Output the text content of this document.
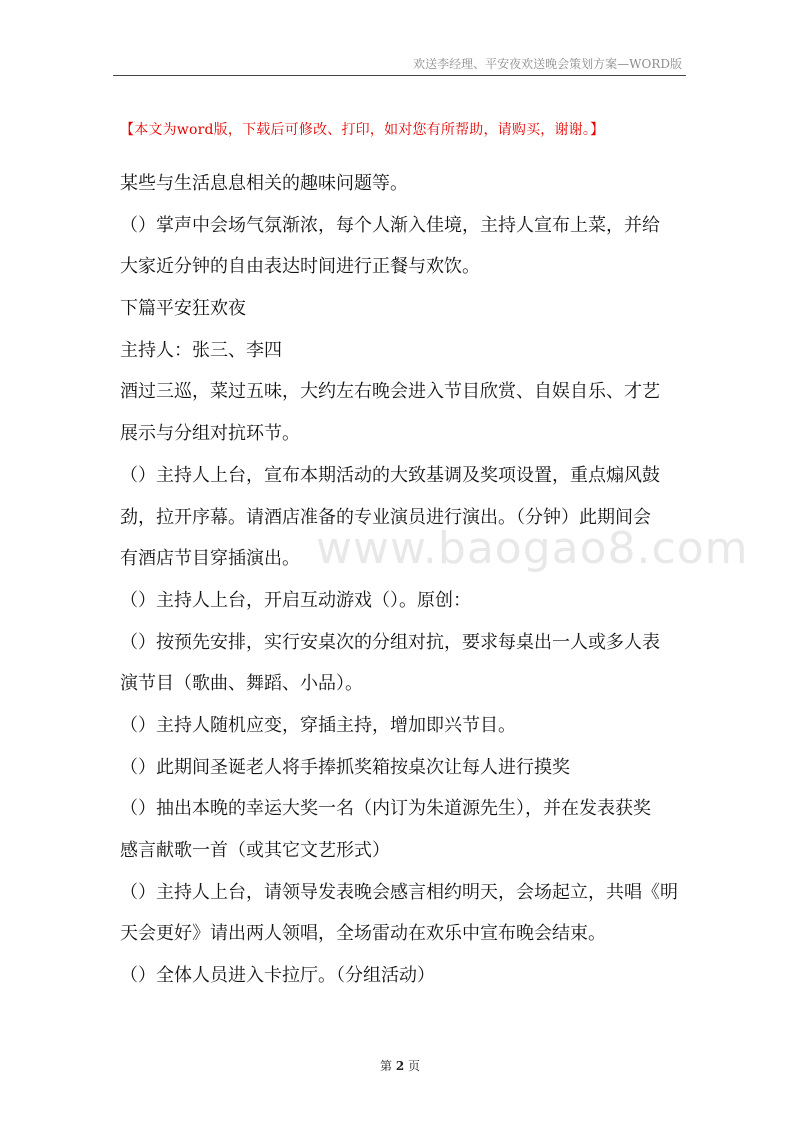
欢送李经理、平安夜欢送晚会策划方案—WORD版
【本文为word版，下载后可修改、打印，如对您有所帮助，请购买，谢谢。】
某些与生活息息相关的趣味问题等。
（）掌声中会场气氛渐浓，每个人渐入佳境，主持人宣布上菜，并给
大家近分钟的自由表达时间进行正餐与欢饮。
下篇平安狂欢夜
主持人：张三、李四
酒过三巡，菜过五味，大约左右晚会进入节目欣赏、自娱自乐、才艺
展示与分组对抗环节。
（）主持人上台，宣布本期活动的大致基调及奖项设置，重点煽风鼓
劲，拉开序幕。请酒店准备的专业演员进行演出。（分钟）此期间会
有酒店节目穿插演出。
（）主持人上台，开启互动游戏（）。原创：
（）按预先安排，实行安桌次的分组对抗，要求每桌出一人或多人表
演节目（歌曲、舞蹈、小品）。
（）主持人随机应变，穿插主持，增加即兴节目。
（）此期间圣诞老人将手捧抓奖箱按桌次让每人进行摸奖
（）抽出本晚的幸运大奖一名（内订为朱道源先生），并在发表获奖
感言献歌一首（或其它文艺形式）
（）主持人上台，请领导发表晚会感言相约明天，会场起立，共唱《明
天会更好》请出两人领唱，全场雷动在欢乐中宣布晚会结束。
（）全体人员进入卡拉厅。（分组活动）
www.baogao8.com
第 2 页
